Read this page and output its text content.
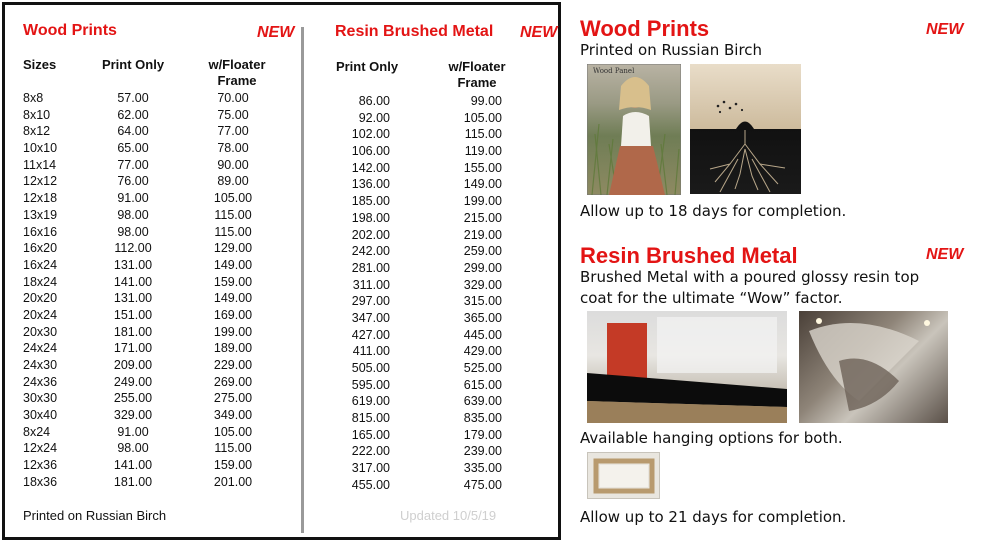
Wood Prints	NEW
Sizes	Print Only	w/Floater Frame
8x8	57.00	70.00
8x10	62.00	75.00
8x12	64.00	77.00
10x10	65.00	78.00
11x14	77.00	90.00
12x12	76.00	89.00
12x18	91.00	105.00
13x19	98.00	115.00
16x16	98.00	115.00
16x20	112.00	129.00
16x24	131.00	149.00
18x24	141.00	159.00
20x20	131.00	149.00
20x24	151.00	169.00
20x30	181.00	199.00
24x24	171.00	189.00
24x30	209.00	229.00
24x36	249.00	269.00
30x30	255.00	275.00
30x40	329.00	349.00
8x24	91.00	105.00
12x24	98.00	115.00
12x36	141.00	159.00
18x36	181.00	201.00
Printed on Russian Birch
Resin Brushed Metal NEW
Print Only	w/Floater Frame
86.00	99.00
92.00	105.00
102.00	115.00
106.00	119.00
142.00	155.00
136.00	149.00
185.00	199.00
198.00	215.00
202.00	219.00
242.00	259.00
281.00	299.00
311.00	329.00
297.00	315.00
347.00	365.00
427.00	445.00
411.00	429.00
505.00	525.00
595.00	615.00
619.00	639.00
815.00	835.00
165.00	179.00
222.00	239.00
317.00	335.00
455.00	475.00
Updated 10/5/19
Wood Prints	NEW
Printed on Russian Birch
Wood Panel
Allow up to 18 days for completion.
Resin Brushed Metal	NEW
Brushed Metal with a poured glossy resin top
coat for the ultimate “Wow” factor.
Available hanging options for both.
Allow up to 21 days for completion.
